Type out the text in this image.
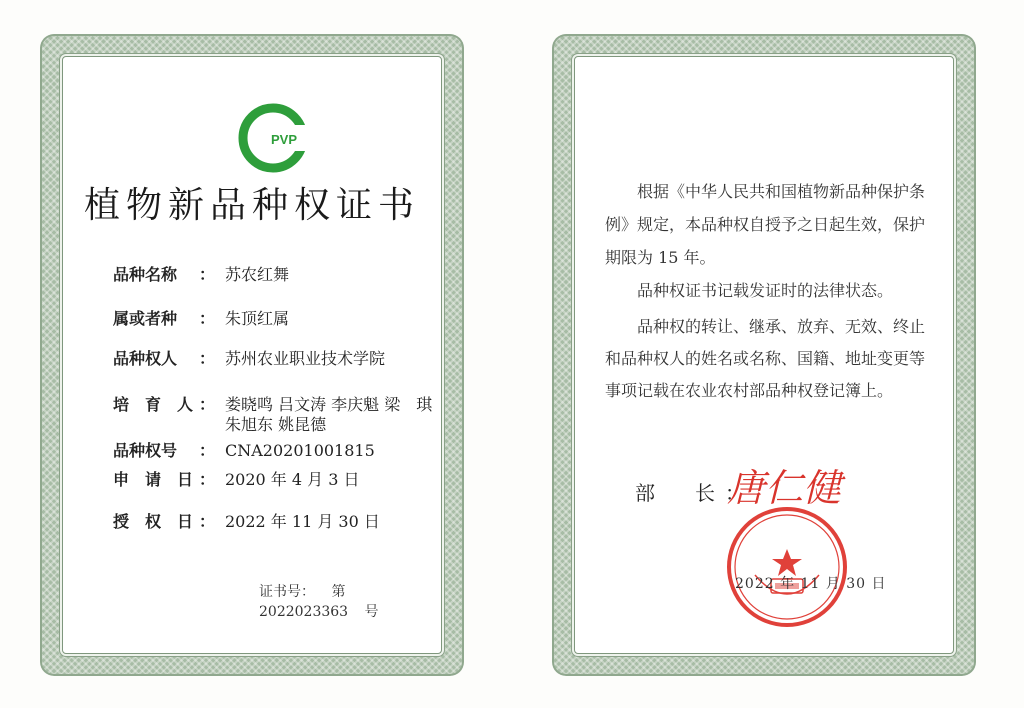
PVP
植物新品种权证书
品种名称 ： 苏农红舞
属或者种 ： 朱顶红属
品种权人 ： 苏州农业职业技术学院
培　育　人 ： 娄晓鸣 吕文涛 李庆魁 梁　琪
朱旭东 姚昆德
品种权号 ： CNA20201001815
申　请　日 ： 2020 年 4 月 3 日
授　权　日 ： 2022 年 11 月 30 日
证书号： 第 2022023363 号
根据《中华人民共和国植物新品种保护条例》规定，本品种权自授予之日起生效，保护期限为 15 年。
品种权证书记载发证时的法律状态。
品种权的转让、继承、放弃、无效、终止和品种权人的姓名或名称、国籍、地址变更等事项记载在农业农村部品种权登记簿上。
部　长：
唐仁健
2022 年 11 月 30 日
